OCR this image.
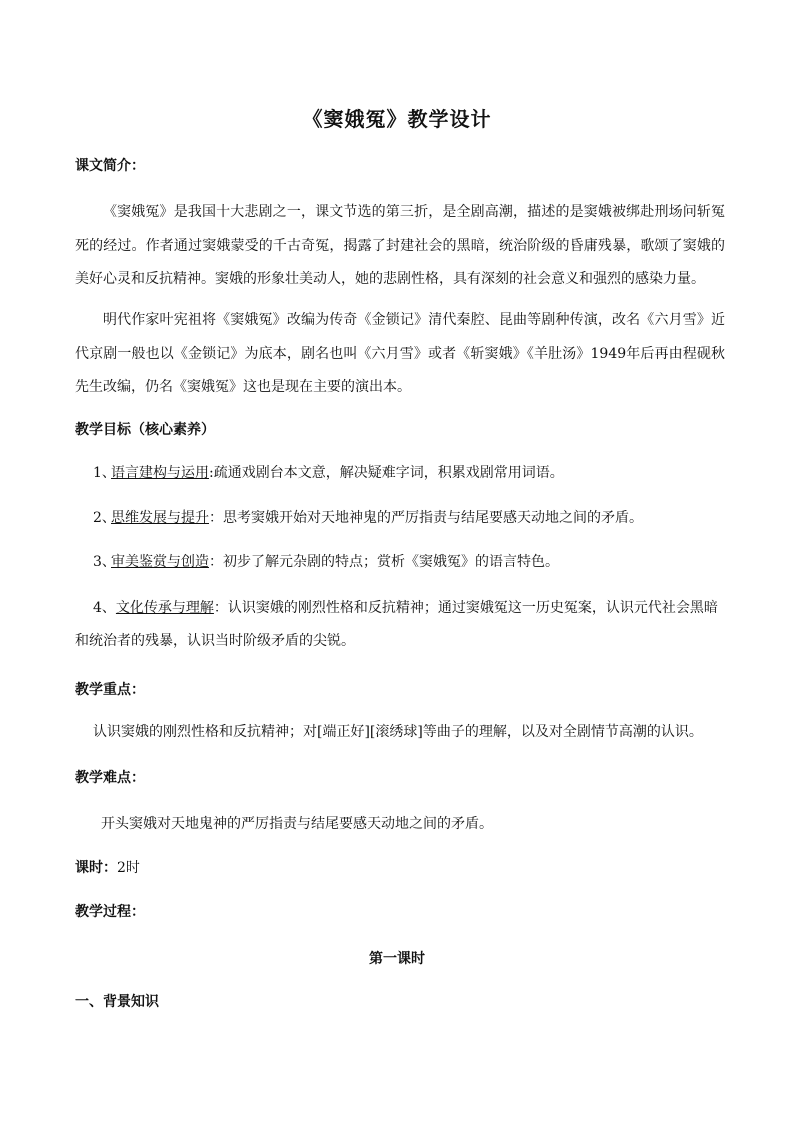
《窦娥冤》教学设计
课文简介：

《窦娥冤》是我国十大悲剧之一，课文节选的第三折，是全剧高潮，描述的是窦娥被绑赴刑场问斩冤死的经过。作者通过窦娥蒙受的千古奇冤，揭露了封建社会的黑暗，统治阶级的昏庸残暴，歌颂了窦娥的美好心灵和反抗精神。窦娥的形象壮美动人，她的悲剧性格，具有深刻的社会意义和强烈的感染力量。

明代作家叶宪祖将《窦娥冤》改编为传奇《金锁记》清代秦腔、昆曲等剧种传演，改名《六月雪》近代京剧一般也以《金锁记》为底本，剧名也叫《六月雪》或者《斩窦娥》《羊肚汤》1949年后再由程砚秋先生改编，仍名《窦娥冤》这也是现在主要的演出本。

教学目标（核心素养）

1、语言建构与运用:疏通戏剧台本文意，解决疑难字词，积累戏剧常用词语。

2、思维发展与提升：思考窦娥开始对天地神鬼的严厉指责与结尾要感天动地之间的矛盾。

3、审美鉴赏与创造：初步了解元杂剧的特点；赏析《窦娥冤》的语言特色。

4、文化传承与理解：认识窦娥的刚烈性格和反抗精神；通过窦娥冤这一历史冤案，认识元代社会黑暗和统治者的残暴，认识当时阶级矛盾的尖锐。

教学重点：
认识窦娥的刚烈性格和反抗精神；对[端正好][滚绣球]等曲子的理解，以及对全剧情节高潮的认识。
教学难点：
开头窦娥对天地鬼神的严厉指责与结尾要感天动地之间的矛盾。
课时：2时
教学过程：
第一课时
一、背景知识
